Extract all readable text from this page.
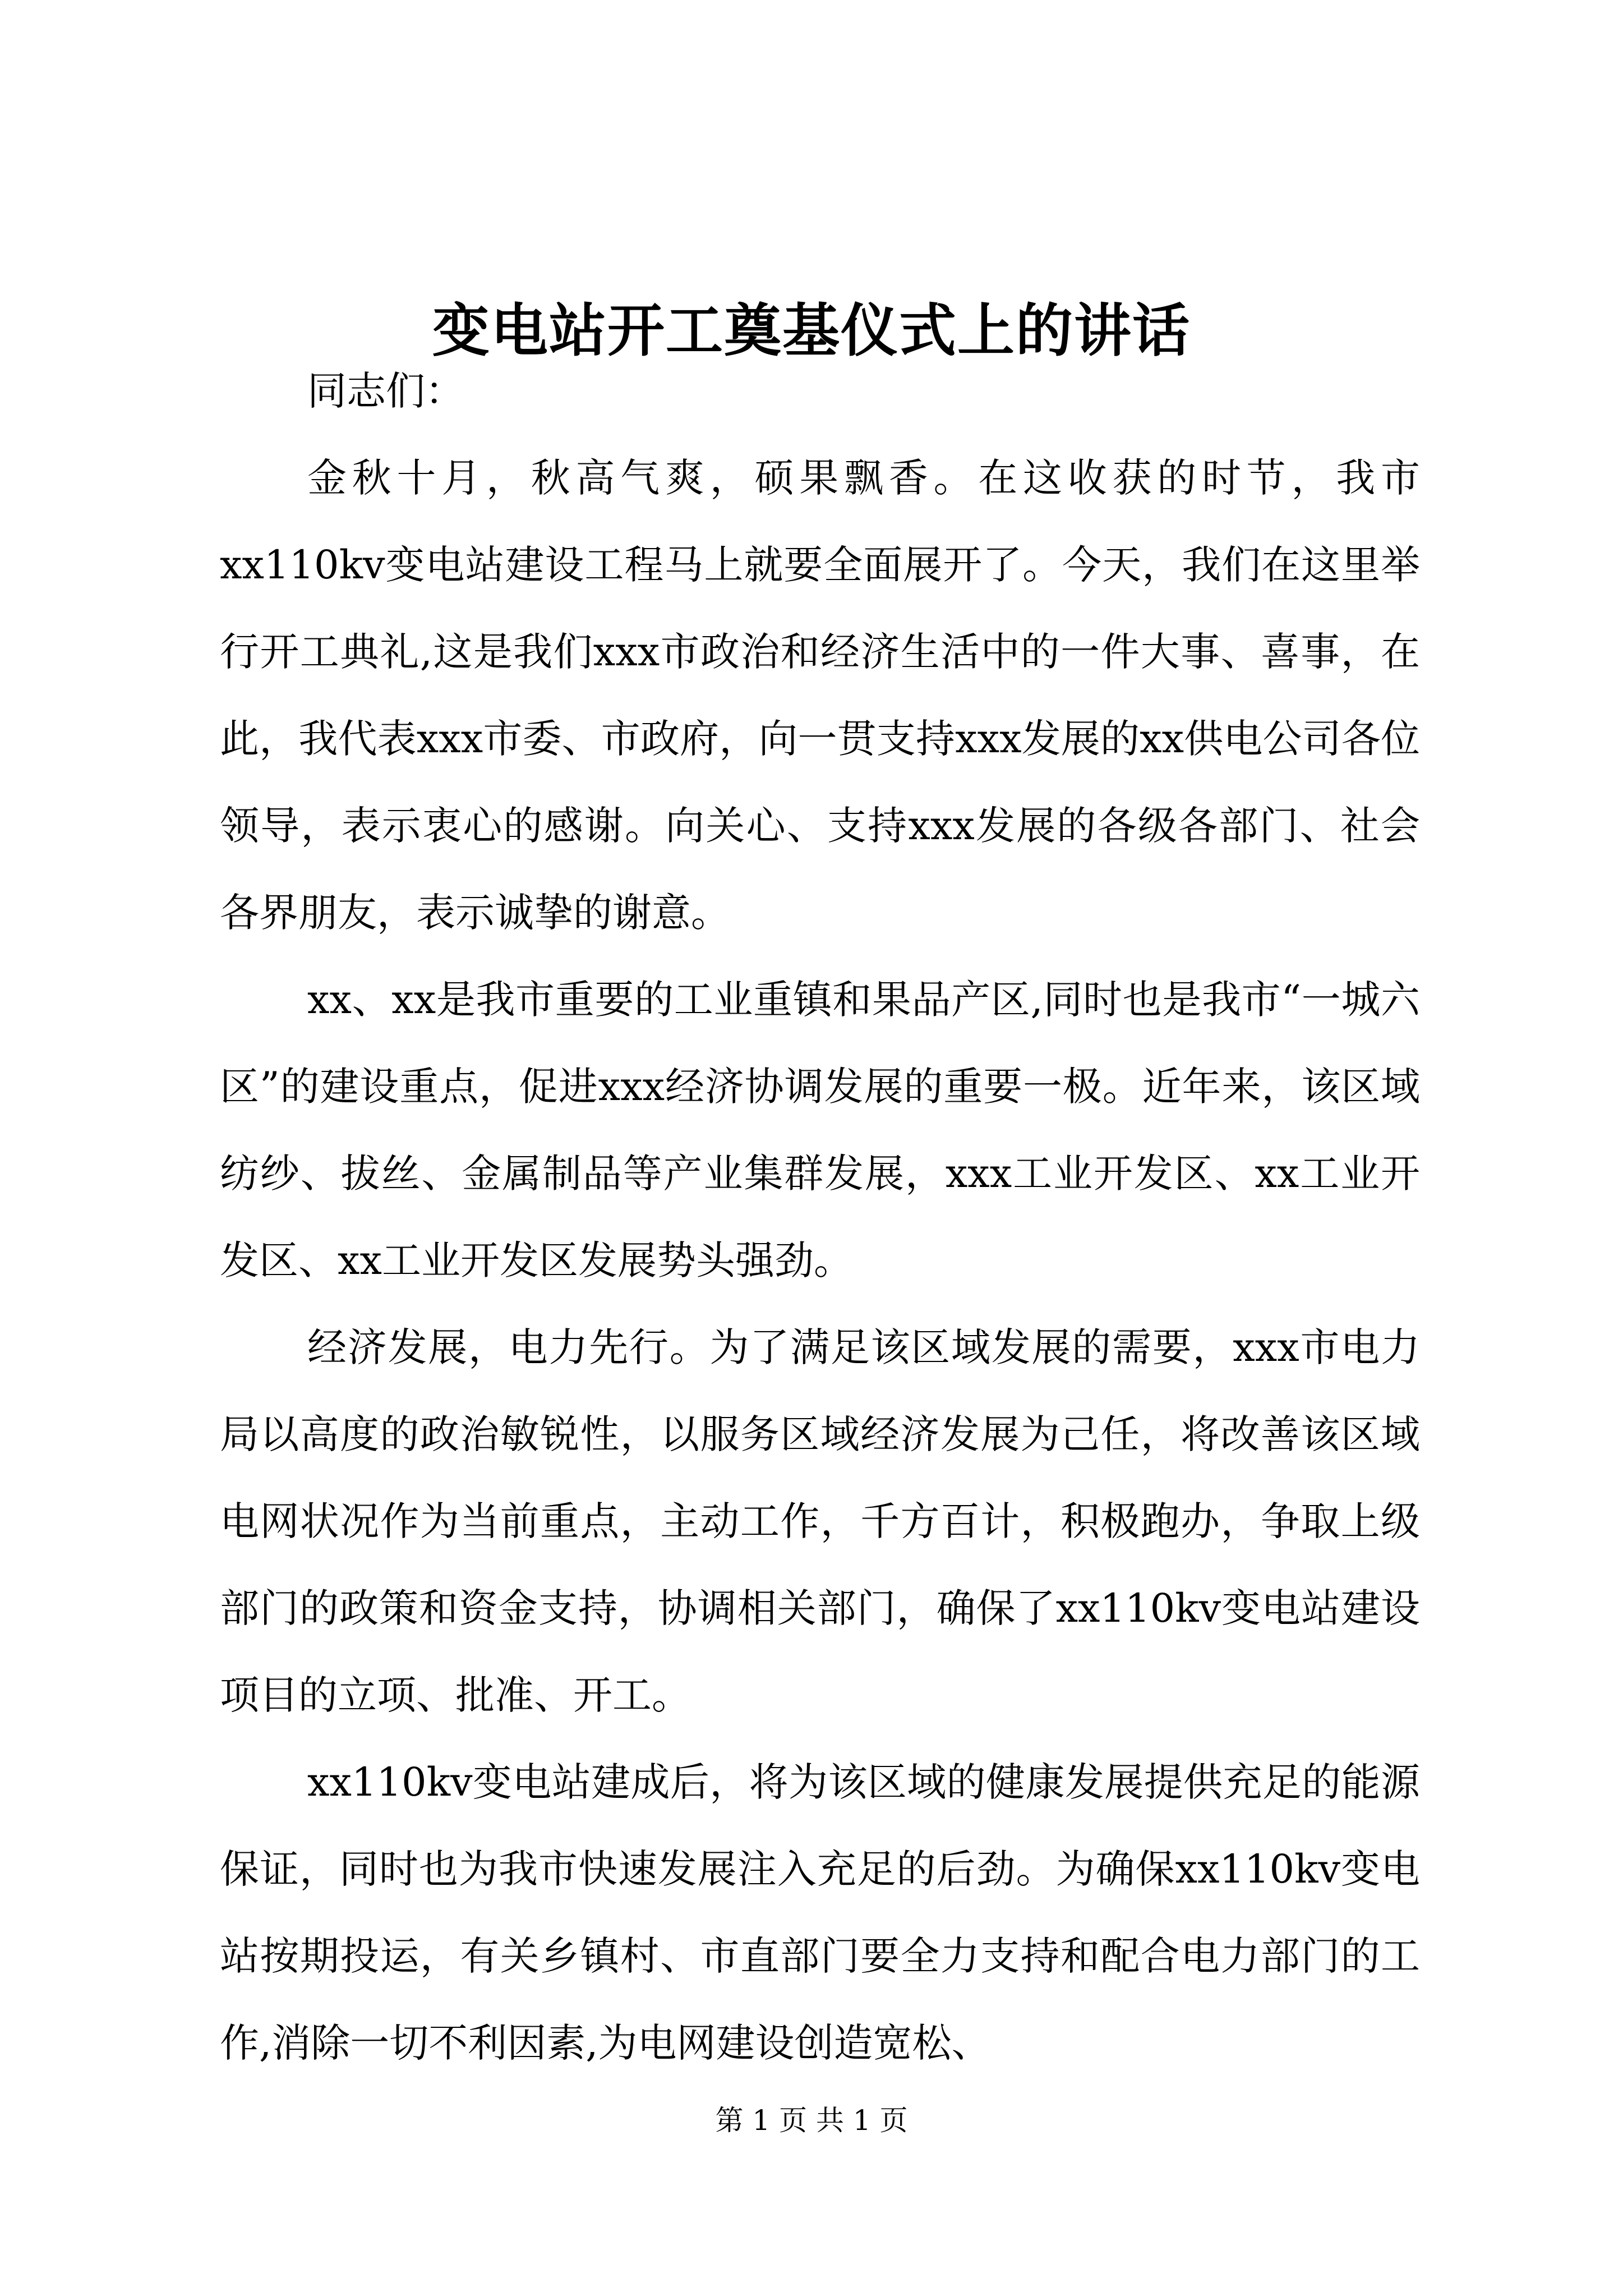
变电站开工奠基仪式上的讲话

同志们：

金秋十月，秋高气爽，硕果飘香。在这收获的时节，我市xx110kv变电站建设工程马上就要全面展开了。今天，我们在这里举行开工典礼,这是我们xxx市政治和经济生活中的一件大事、喜事，在此，我代表xxx市委、市政府，向一贯支持xxx发展的xx供电公司各位领导，表示衷心的感谢。向关心、支持xxx发展的各级各部门、社会各界朋友，表示诚挚的谢意。

xx、xx是我市重要的工业重镇和果品产区,同时也是我市“一城六区”的建设重点，促进xxx经济协调发展的重要一极。近年来，该区域纺纱、拔丝、金属制品等产业集群发展，xxx工业开发区、xx工业开发区、xx工业开发区发展势头强劲。

经济发展，电力先行。为了满足该区域发展的需要，xxx市电力局以高度的政治敏锐性，以服务区域经济发展为己任，将改善该区域电网状况作为当前重点，主动工作，千方百计，积极跑办，争取上级部门的政策和资金支持，协调相关部门，确保了xx110kv变电站建设项目的立项、批准、开工。

xx110kv变电站建成后，将为该区域的健康发展提供充足的能源保证，同时也为我市快速发展注入充足的后劲。为确保xx110kv变电站按期投运，有关乡镇村、市直部门要全力支持和配合电力部门的工作,消除一切不利因素,为电网建设创造宽松、

第 1 页 共 1 页
